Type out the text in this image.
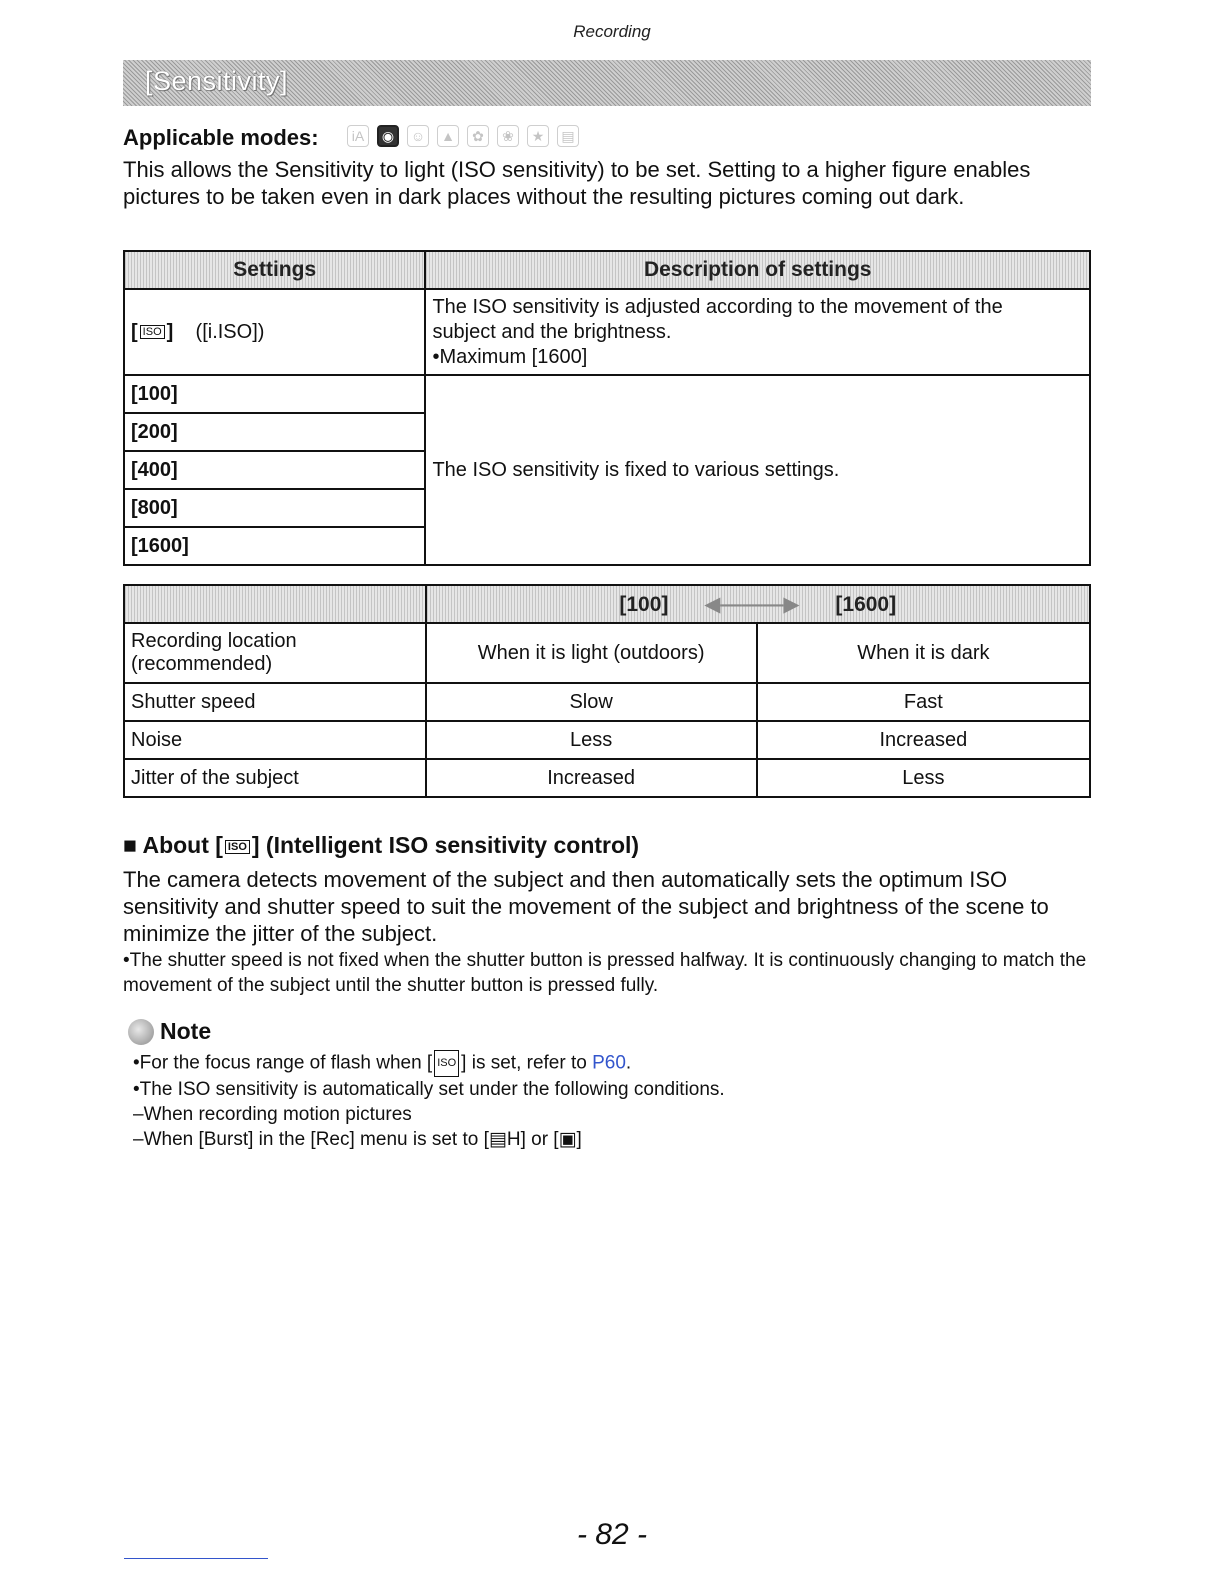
Recording
[Sensitivity]
Applicable modes:	iA	◉	☺ ▲	✿	❀	★	▤
This allows the Sensitivity to light (ISO sensitivity) to be set. Setting to a higher figure enables pictures to be taken even in dark places without the resulting pictures coming out dark.
Settings	Description of settings
[ ISO ] ([i.ISO])	The ISO sensitivity is adjusted according to the movement of the
subject and the brightness.
•Maximum [1600]

[100]	The ISO sensitivity is fixed to various settings.
[200]	
[400]	
[800]	
[1600]	
	[100] ◀———▶ [1600]	
Recording location (recommended)	When it is light (outdoors)	When it is dark
Shutter speed	Slow	Fast
Noise	Less	Increased
Jitter of the subject	Increased	Less
■ About [ ISO ] (Intelligent ISO sensitivity control)
The camera detects movement of the subject and then automatically sets the optimum ISO sensitivity and shutter speed to suit the movement of the subject and brightness of the scene to minimize the jitter of the subject.
•The shutter speed is not fixed when the shutter button is pressed halfway. It is continuously changing to match the movement of the subject until the shutter button is pressed fully.
Note
•For the focus range of flash when [ ISO ] is set, refer to P60.
•The ISO sensitivity is automatically set under the following conditions.
–When recording motion pictures
–When [Burst] in the [Rec] menu is set to [▤H] or [▣]
- 82 -
